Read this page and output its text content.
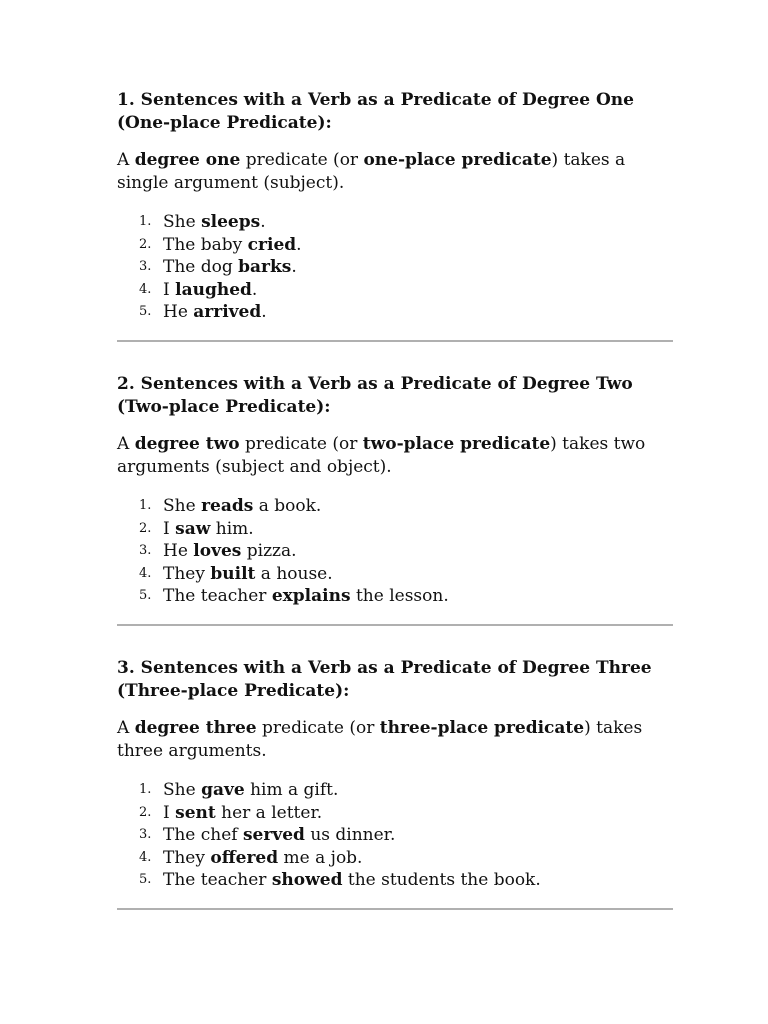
1. Sentences with a Verb as a Predicate of Degree One (One-place Predicate):

A degree one predicate (or one-place predicate) takes a single argument (subject).

1. She sleeps.
2. The baby cried.
3. The dog barks.
4. I laughed.
5. He arrived.
2. Sentences with a Verb as a Predicate of Degree Two (Two-place Predicate):

A degree two predicate (or two-place predicate) takes two arguments (subject and object).

1. She reads a book.
2. I saw him.
3. He loves pizza.
4. They built a house.
5. The teacher explains the lesson.
3. Sentences with a Verb as a Predicate of Degree Three (Three-place Predicate):

A degree three predicate (or three-place predicate) takes three arguments.

1. She gave him a gift.
2. I sent her a letter.
3. The chef served us dinner.
4. They offered me a job.
5. The teacher showed the students the book.
